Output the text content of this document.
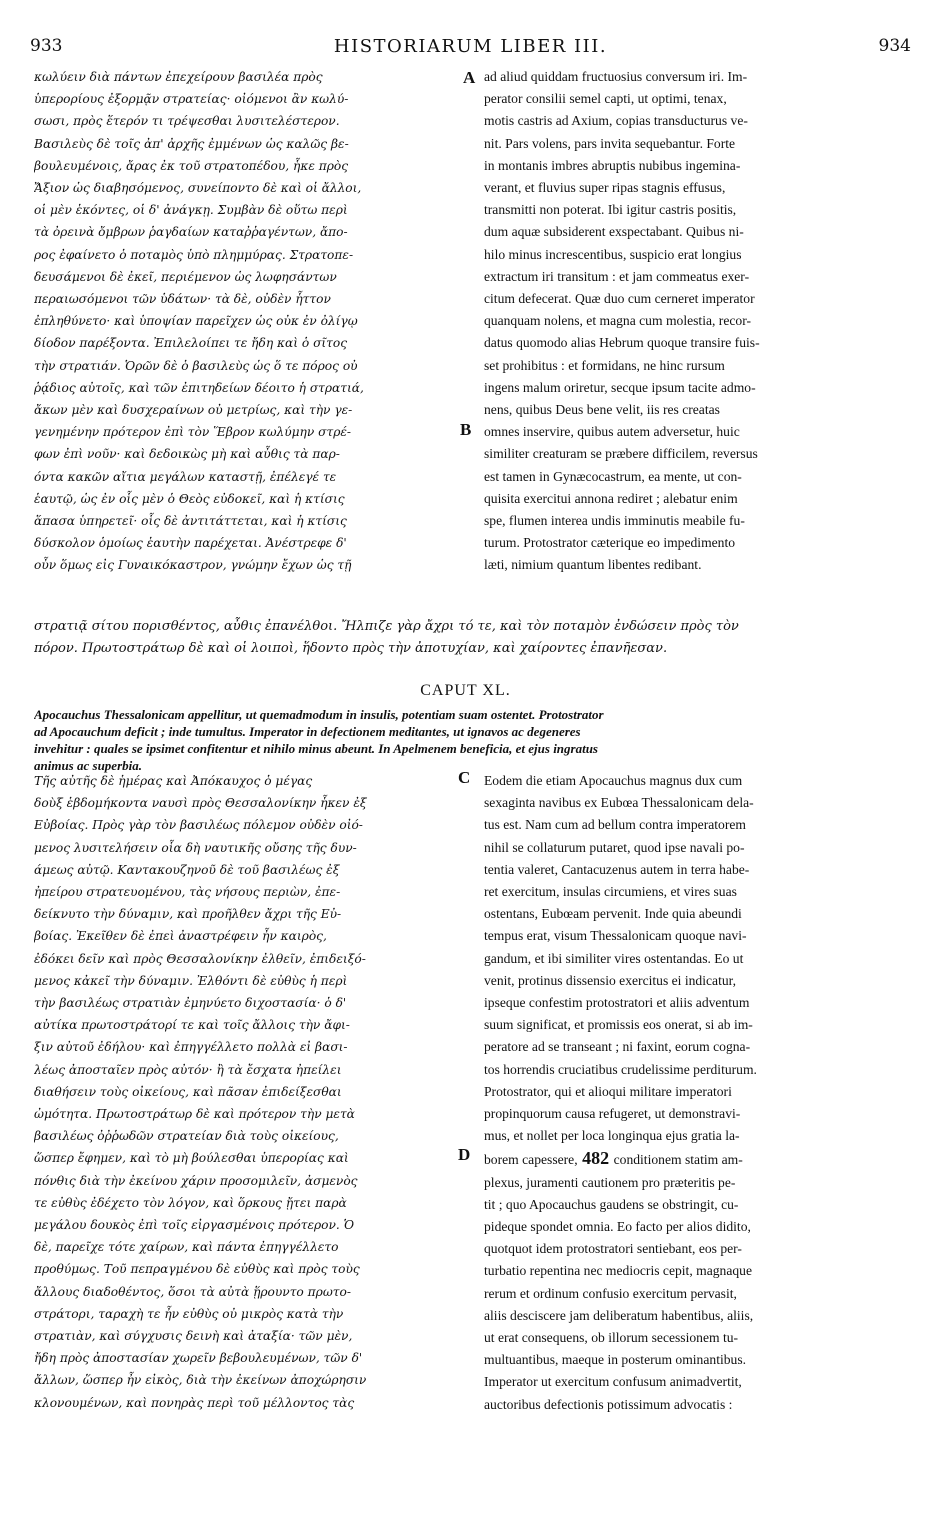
933	HISTORIARUM LIBER III.	934
A
B
C
D
κωλύειν διὰ πάντων ἐπεχείρουν βασιλέα πρὸς
ὑπερορίους ἐξορμᾷν στρατείας· οἰόμενοι ἂν κωλύ-
σωσι, πρὸς ἕτερόν τι τρέψεσθαι λυσιτελέστερον.
Βασιλεὺς δὲ τοῖς ἀπ' ἀρχῆς ἐμμένων ὡς καλῶς βε-
βουλευμένοις, ἄρας ἐκ τοῦ στρατοπέδου, ἧκε πρὸς
Ἄξιον ὡς διαβησόμενος, συνείποντο δὲ καὶ οἱ ἄλλοι,
οἱ μὲν ἑκόντες, οἱ δ' ἀνάγκῃ. Συμβὰν δὲ οὕτω περὶ
τὰ ὀρεινὰ ὄμβρων ῥαγδαίων καταῤῥαγέντων, ἄπο-
ρος ἐφαίνετο ὁ ποταμὸς ὑπὸ πλημμύρας. Στρατοπε-
δευσάμενοι δὲ ἐκεῖ, περιέμενον ὡς λωφησάντων
περαιωσόμενοι τῶν ὑδάτων· τὰ δὲ, οὐδὲν ἧττον
ἐπληθύνετο· καὶ ὑποψίαν παρεῖχεν ὡς οὐκ ἐν ὀλίγῳ
δίοδον παρέξοντα. Ἐπιλελοίπει τε ἤδη καὶ ὁ σῖτος
τὴν στρατιάν. Ὁρῶν δὲ ὁ βασιλεὺς ὡς ὅ τε πόρος οὐ
ῥᾴδιος αὐτοῖς, καὶ τῶν ἐπιτηδείων δέοιτο ἡ στρατιά,
ἄκων μὲν καὶ δυσχεραίνων οὐ μετρίως, καὶ τὴν γε-
γενημένην πρότερον ἐπὶ τὸν Ἕβρον κωλύμην στρέ-
φων ἐπὶ νοῦν· καὶ δεδοικὼς μὴ καὶ αὖθις τὰ παρ-
όντα κακῶν αἴτια μεγάλων καταστῇ, ἐπέλεγέ τε
ἑαυτῷ, ὡς ἐν οἷς μὲν ὁ Θεὸς εὐδοκεῖ, καὶ ἡ κτίσις
ἅπασα ὑπηρετεῖ· οἷς δὲ ἀντιτάττεται, καὶ ἡ κτίσις
δύσκολον ὁμοίως ἑαυτὴν παρέχεται. Ἀνέστρεφε δ'
οὖν ὅμως εἰς Γυναικόκαστρον, γνώμην ἔχων ὡς τῇ
ad aliud quiddam fructuosius conversum iri. Im-
perator consilii semel capti, ut optimi, tenax,
motis castris ad Axium, copias transducturus ve-
nit. Pars volens, pars invita sequebantur. Forte
in montanis imbres abruptis nubibus ingemina-
verant, et fluvius super ripas stagnis effusus,
transmitti non poterat. Ibi igitur castris positis,
dum aquæ subsiderent exspectabant. Quibus ni-
hilo minus increscentibus, suspicio erat longius
extractum iri transitum : et jam commeatus exer-
citum defecerat. Quæ duo cum cerneret imperator
quanquam nolens, et magna cum molestia, recor-
datus quomodo alias Hebrum quoque transire fuis-
set prohibitus : et formidans, ne hinc rursum
ingens malum oriretur, secque ipsum tacite admo-
nens, quibus Deus bene velit, iis res creatas
omnes inservire, quibus autem adversetur, huic
similiter creaturam se præbere difficilem, reversus
est tamen in Gynæcocastrum, ea mente, ut con-
quisita exercitui annona rediret ; alebatur enim
spe, flumen interea undis imminutis meabile fu-
turum. Protostrator cæterique eo impedimento
læti, nimium quantum libentes redibant.
στρατιᾷ σίτου πορισθέντος, αὖθις ἐπανέλθοι. Ἤλπιζε γὰρ ἄχρι τό τε, καὶ τὸν ποταμὸν ἐνδώσειν πρὸς τὸν
πόρον. Πρωτοστράτωρ δὲ καὶ οἱ λοιποὶ, ἥδοντο πρὸς τὴν ἀποτυχίαν, καὶ χαίροντες ἐπανῆεσαν.
CAPUT XL.
Apocauchus Thessalonicam appellitur, ut quemadmodum in insulis, potentiam suam ostentet. Protostrator
ad Apocauchum deficit ; inde tumultus. Imperator in defectionem meditantes, ut ignavos ac degeneres
invehitur : quales se ipsimet confitentur et nihilo minus abeunt. In Apelmenem beneficia, et ejus ingratus
animus ac superbia.
Τῆς αὐτῆς δὲ ἡμέρας καὶ Ἀπόκαυχος ὁ μέγας
δοὺξ ἑβδομήκοντα ναυσὶ πρὸς Θεσσαλονίκην ἧκεν ἐξ
Εὐβοίας. Πρὸς γὰρ τὸν βασιλέως πόλεμον οὐδὲν οἰό-
μενος λυσιτελήσειν οἷα δὴ ναυτικῆς οὔσης τῆς δυν-
άμεως αὐτῷ. Καντακουζηνοῦ δὲ τοῦ βασιλέως ἐξ
ἠπείρου στρατευομένου, τὰς νήσους περιὼν, ἐπε-
δείκνυτο τὴν δύναμιν, καὶ προῆλθεν ἄχρι τῆς Εὐ-
βοίας. Ἐκεῖθεν δὲ ἐπεὶ ἀναστρέφειν ἦν καιρὸς,
ἐδόκει δεῖν καὶ πρὸς Θεσσαλονίκην ἐλθεῖν, ἐπιδειξό-
μενος κἀκεῖ τὴν δύναμιν. Ἐλθόντι δὲ εὐθὺς ἡ περὶ
τὴν βασιλέως στρατιὰν ἐμηνύετο διχοστασία· ὁ δ'
αὐτίκα πρωτοστράτορί τε καὶ τοῖς ἄλλοις τὴν ἄφι-
ξιν αὐτοῦ ἐδήλου· καὶ ἐπηγγέλλετο πολλὰ εἰ βασι-
λέως ἀποσταῖεν πρὸς αὐτόν· ἢ τὰ ἔσχατα ἠπείλει
διαθήσειν τοὺς οἰκείους, καὶ πᾶσαν ἐπιδείξεσθαι
ὠμότητα. Πρωτοστράτωρ δὲ καὶ πρότερον τὴν μετὰ
βασιλέως ὀῤῥωδῶν στρατείαν διὰ τοὺς οἰκείους,
ὥσπερ ἔφημεν, καὶ τὸ μὴ βούλεσθαι ὑπερορίας καὶ
πόνθις διὰ τὴν ἐκείνου χάριν προσομιλεῖν, ἀσμενὸς
τε εὐθὺς ἐδέχετο τὸν λόγον, καὶ ὅρκους ᾔτει παρὰ
μεγάλου δουκὸς ἐπὶ τοῖς εἰργασμένοις πρότερον. Ὁ
δὲ, παρεῖχε τότε χαίρων, καὶ πάντα ἐπηγγέλλετο
προθύμως. Τοῦ πεπραγμένου δὲ εὐθὺς καὶ πρὸς τοὺς
ἄλλους διαδοθέντος, ὅσοι τὰ αὐτὰ ᾕρουντο πρωτο-
στράτορι, ταραχὴ τε ἦν εὐθὺς οὐ μικρὸς κατὰ τὴν
στρατιὰν, καὶ σύγχυσις δεινὴ καὶ ἀταξία· τῶν μὲν,
ἤδη πρὸς ἀποστασίαν χωρεῖν βεβουλευμένων, τῶν δ'
ἄλλων, ὥσπερ ἦν εἰκὸς, διὰ τὴν ἐκείνων ἀποχώρησιν
κλονουμένων, καὶ πονηρὰς περὶ τοῦ μέλλοντος τὰς
Eodem die etiam Apocauchus magnus dux cum
sexaginta navibus ex Eubœa Thessalonicam dela-
tus est. Nam cum ad bellum contra imperatorem
nihil se collaturum putaret, quod ipse navali po-
tentia valeret, Cantacuzenus autem in terra habe-
ret exercitum, insulas circumiens, et vires suas
ostentans, Eubœam pervenit. Inde quia abeundi
tempus erat, visum Thessalonicam quoque navi-
gandum, et ibi similiter vires ostentandas. Eo ut
venit, protinus dissensio exercitus ei indicatur,
ipseque confestim protostratori et aliis adventum
suum significat, et promissis eos onerat, si ab im-
peratore ad se transeant ; ni faxint, eorum cogna-
tos horrendis cruciatibus crudelissime perditurum.
Protostrator, qui et alioqui militare imperatori
propinquorum causa refugeret, ut demonstravi-
mus, et nollet per loca longinqua ejus gratia la-
borem capessere, 482 conditionem statim am-
plexus, juramenti cautionem pro præteritis pe-
tit ; quo Apocauchus gaudens se obstringit, cu-
pideque spondet omnia. Eo facto per alios didito,
quotquot idem protostratori sentiebant, eos per-
turbatio repentina nec mediocris cepit, magnaque
rerum et ordinum confusio exercitum pervasit,
aliis desciscere jam deliberatum habentibus, aliis,
ut erat consequens, ob illorum secessionem tu-
multuantibus, maeque in posterum ominantibus.
Imperator ut exercitum confusum animadvertit,
auctoribus defectionis potissimum advocatis :
